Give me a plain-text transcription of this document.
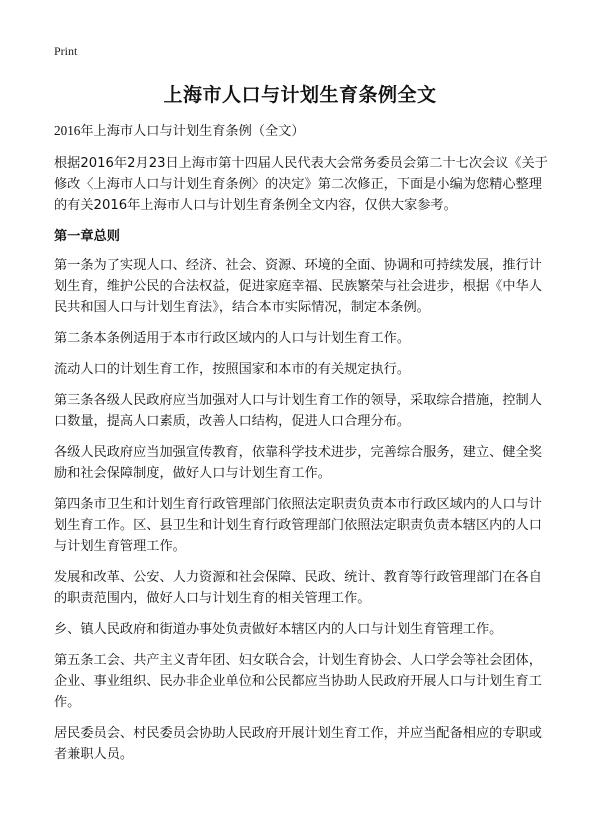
Print
上海市人口与计划生育条例全文

2016年上海市人口与计划生育条例（全文）

根据2016年2月23日上海市第十四届人民代表大会常务委员会第二十七次会议《关于修改〈上海市人口与计划生育条例〉的决定》第二次修正，下面是小编为您精心整理的有关2016年上海市人口与计划生育条例全文内容，仅供大家参考。

第一章总则

第一条为了实现人口、经济、社会、资源、环境的全面、协调和可持续发展，推行计划生育，维护公民的合法权益，促进家庭幸福、民族繁荣与社会进步，根据《中华人民共和国人口与计划生育法》，结合本市实际情况，制定本条例。

第二条本条例适用于本市行政区域内的人口与计划生育工作。

流动人口的计划生育工作，按照国家和本市的有关规定执行。

第三条各级人民政府应当加强对人口与计划生育工作的领导，采取综合措施，控制人口数量，提高人口素质，改善人口结构，促进人口合理分布。

各级人民政府应当加强宣传教育，依靠科学技术进步，完善综合服务，建立、健全奖励和社会保障制度，做好人口与计划生育工作。

第四条市卫生和计划生育行政管理部门依照法定职责负责本市行政区域内的人口与计划生育工作。区、县卫生和计划生育行政管理部门依照法定职责负责本辖区内的人口与计划生育管理工作。

发展和改革、公安、人力资源和社会保障、民政、统计、教育等行政管理部门在各自的职责范围内，做好人口与计划生育的相关管理工作。

乡、镇人民政府和街道办事处负责做好本辖区内的人口与计划生育管理工作。

第五条工会、共产主义青年团、妇女联合会，计划生育协会、人口学会等社会团体，企业、事业组织、民办非企业单位和公民都应当协助人民政府开展人口与计划生育工作。

居民委员会、村民委员会协助人民政府开展计划生育工作，并应当配备相应的专职或者兼职人员。
